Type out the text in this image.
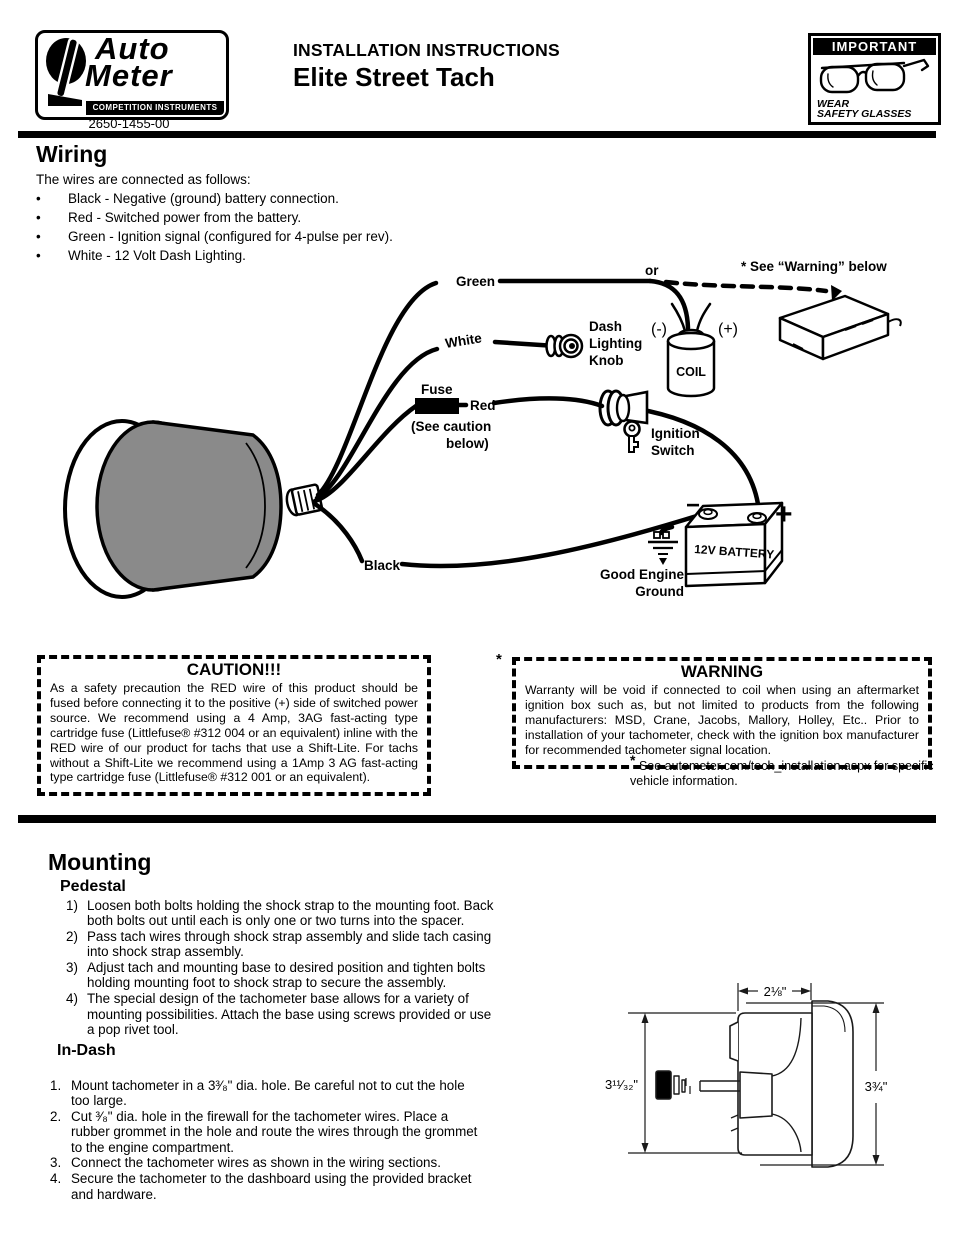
Auto
Meter
COMPETITION INSTRUMENTS
2650-1455-00
INSTALLATION INSTRUCTIONS
Elite Street Tach
IMPORTANT
WEAR
SAFETY GLASSES
Wiring
The wires are connected as follows:
•
Black - Negative (ground) battery connection.
•
Red - Switched power from the battery.
•
Green - Ignition signal (configured for 4-pulse per rev).
•
White - 12 Volt Dash Lighting.
COIL
12V BATTERY
− +
Green
or	* See “Warning” below
White
Dash
Lighting
Knob
(-)	(+)
Fuse
Red
(See caution
below)
Ignition
Switch
Black
Good Engine
Ground
CAUTION!!!
As a safety precaution the RED wire of this product should be fused before connecting it to the positive (+) side of switched power source. We recommend using a 4 Amp, 3AG fast-acting type cartridge fuse (Littlefuse® #312 004 or an equivalent) inline with the RED wire of our product for tachs that use a Shift-Lite. For tachs without a Shift-Lite we recommend using a 1Amp 3 AG fast-acting type cartridge fuse (Littlefuse® #312 001 or an equivalent).
*
WARNING
Warranty will be void if connected to coil when using an aftermarket ignition box such as, but not limited to products from the following manufacturers: MSD, Crane, Jacobs, Mallory, Holley, Etc.. Prior to installation of your tachometer, check with the ignition box manufacturer for recommended tachometer signal location.
* See autometer.com/tech_installation.aspx for specific vehicle information.
Mounting
Pedestal
1) Loosen both bolts holding the shock strap to the mounting foot. Back both bolts out until each is only one or two turns into the spacer.
2) Pass tach wires through shock strap assembly and slide tach casing into shock strap assembly.
3) Adjust tach and mounting base to desired position and tighten bolts holding mounting foot to shock strap to secure the assembly.
4) The special design of the tachometer base allows for a variety of mounting possibilities. Attach the base using screws provided or use a pop rivet tool.
In-Dash
1. Mount tachometer in a 3³⁄₈" dia. hole. Be careful not to cut the hole too large.
2. Cut ³⁄₈" dia. hole in the firewall for the tachometer wires. Place a rubber grommet in the hole and route the wires through the grommet to the engine compartment.
3. Connect the tachometer wires as shown in the wiring sections.
4. Secure the tachometer to the dashboard using the provided bracket and hardware.
2⅛"
3¹¹⁄₃₂"	3¾"
